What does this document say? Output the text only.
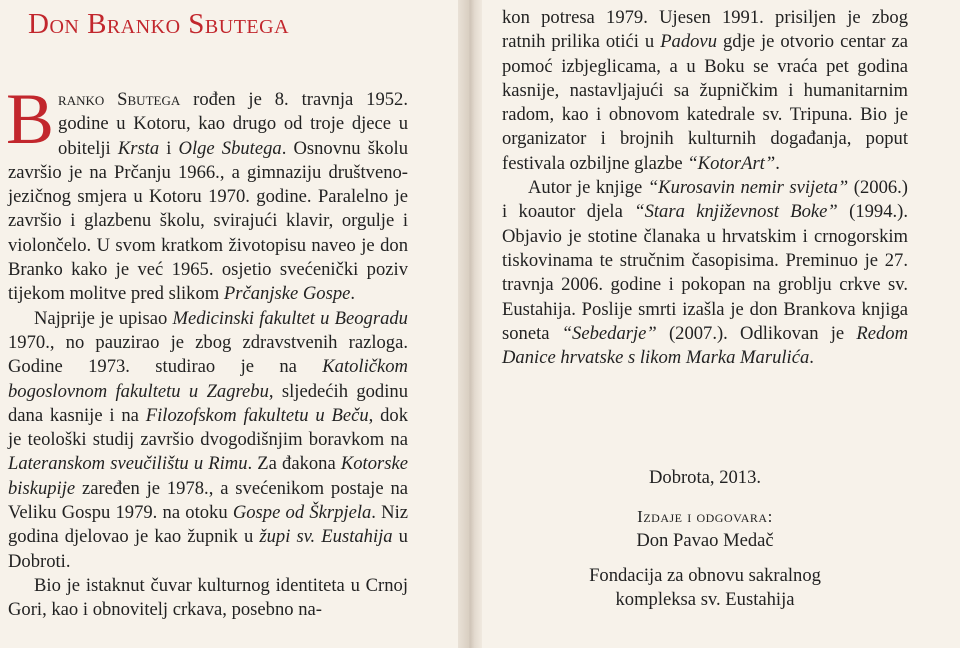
Don Branko Sbutega

Branko Sbutega rođen je 8. travnja 1952. godine u Kotoru, kao drugo od troje djece u obitelji Krsta i Olge Sbutega. Osnovnu školu završio je na Prčanju 1966., a gimnaziju društveno-jezičnog smjera u Kotoru 1970. godine. Paralelno je završio i glazbenu školu, svirajući klavir, orgulje i violončelo. U svom kratkom životopisu naveo je don Branko kako je već 1965. osjetio svećenički poziv tijekom molitve pred slikom Prčanjske Gospe.

Najprije je upisao Medicinski fakultet u Beogradu 1970., no pauzirao je zbog zdravstvenih razloga. Godine 1973. studirao je na Katoličkom bogoslovnom fakultetu u Zagrebu, sljedećih godinu dana kasnije i na Filozofskom fakultetu u Beču, dok je teološki studij završio dvogodišnjim boravkom na Lateranskom sveučilištu u Rimu. Za đakona Kotorske biskupije zaređen je 1978., a svećenikom postaje na Veliku Gospu 1979. na otoku Gospe od Škrpjela. Niz godina djelovao je kao župnik u župi sv. Eustahija u Dobroti.

Bio je istaknut čuvar kulturnog identiteta u Crnoj Gori, kao i obnovitelj crkava, posebno na-

kon potresa 1979. Ujesen 1991. prisiljen je zbog ratnih prilika otići u Padovu gdje je otvorio centar za pomoć izbjeglicama, a u Boku se vraća pet godina kasnije, nastavljajući sa župničkim i humanitarnim radom, kao i obnovom katedrale sv. Tripuna. Bio je organizator i brojnih kulturnih događanja, poput festivala ozbiljne glazbe “KotorArt”.

Autor je knjige “Kurosavin nemir svijeta” (2006.) i koautor djela “Stara književnost Boke” (1994.). Objavio je stotine članaka u hrvatskim i crnogorskim tiskovinama te stručnim časopisima. Preminuo je 27. travnja 2006. godine i pokopan na groblju crkve sv. Eustahija. Poslije smrti izašla je don Brankova knjiga soneta “Sebedarje” (2007.). Odlikovan je Redom Danice hrvatske s likom Marka Marulića.

Dobrota, 2013.
Izdaje i odgovara:
Don Pavao Medač
Fondacija za obnovu sakralnog
kompleksa sv. Eustahija
